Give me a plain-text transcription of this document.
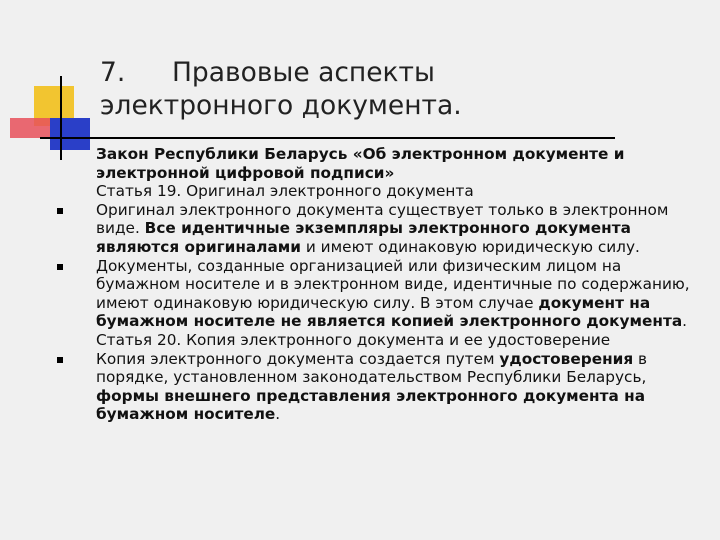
7. Правовые аспекты
электронного документа.

Закон Республики Беларусь «Об электронном документе и электронной цифровой подписи»

Статья 19. Оригинал электронного документа

Оригинал электронного документа существует только в электронном виде. Все идентичные экземпляры электронного документа являются оригиналами и имеют одинаковую юридическую силу.

Документы, созданные организацией или физическим лицом на бумажном носителе и в электронном виде, идентичные по содержанию, имеют одинаковую юридическую силу. В этом случае документ на бумажном носителе не является копией электронного документа.

Статья 20. Копия электронного документа и ее удостоверение

Копия электронного документа создается путем удостоверения в порядке, установленном законодательством Республики Беларусь, формы внешнего представления электронного документа на бумажном носителе.
